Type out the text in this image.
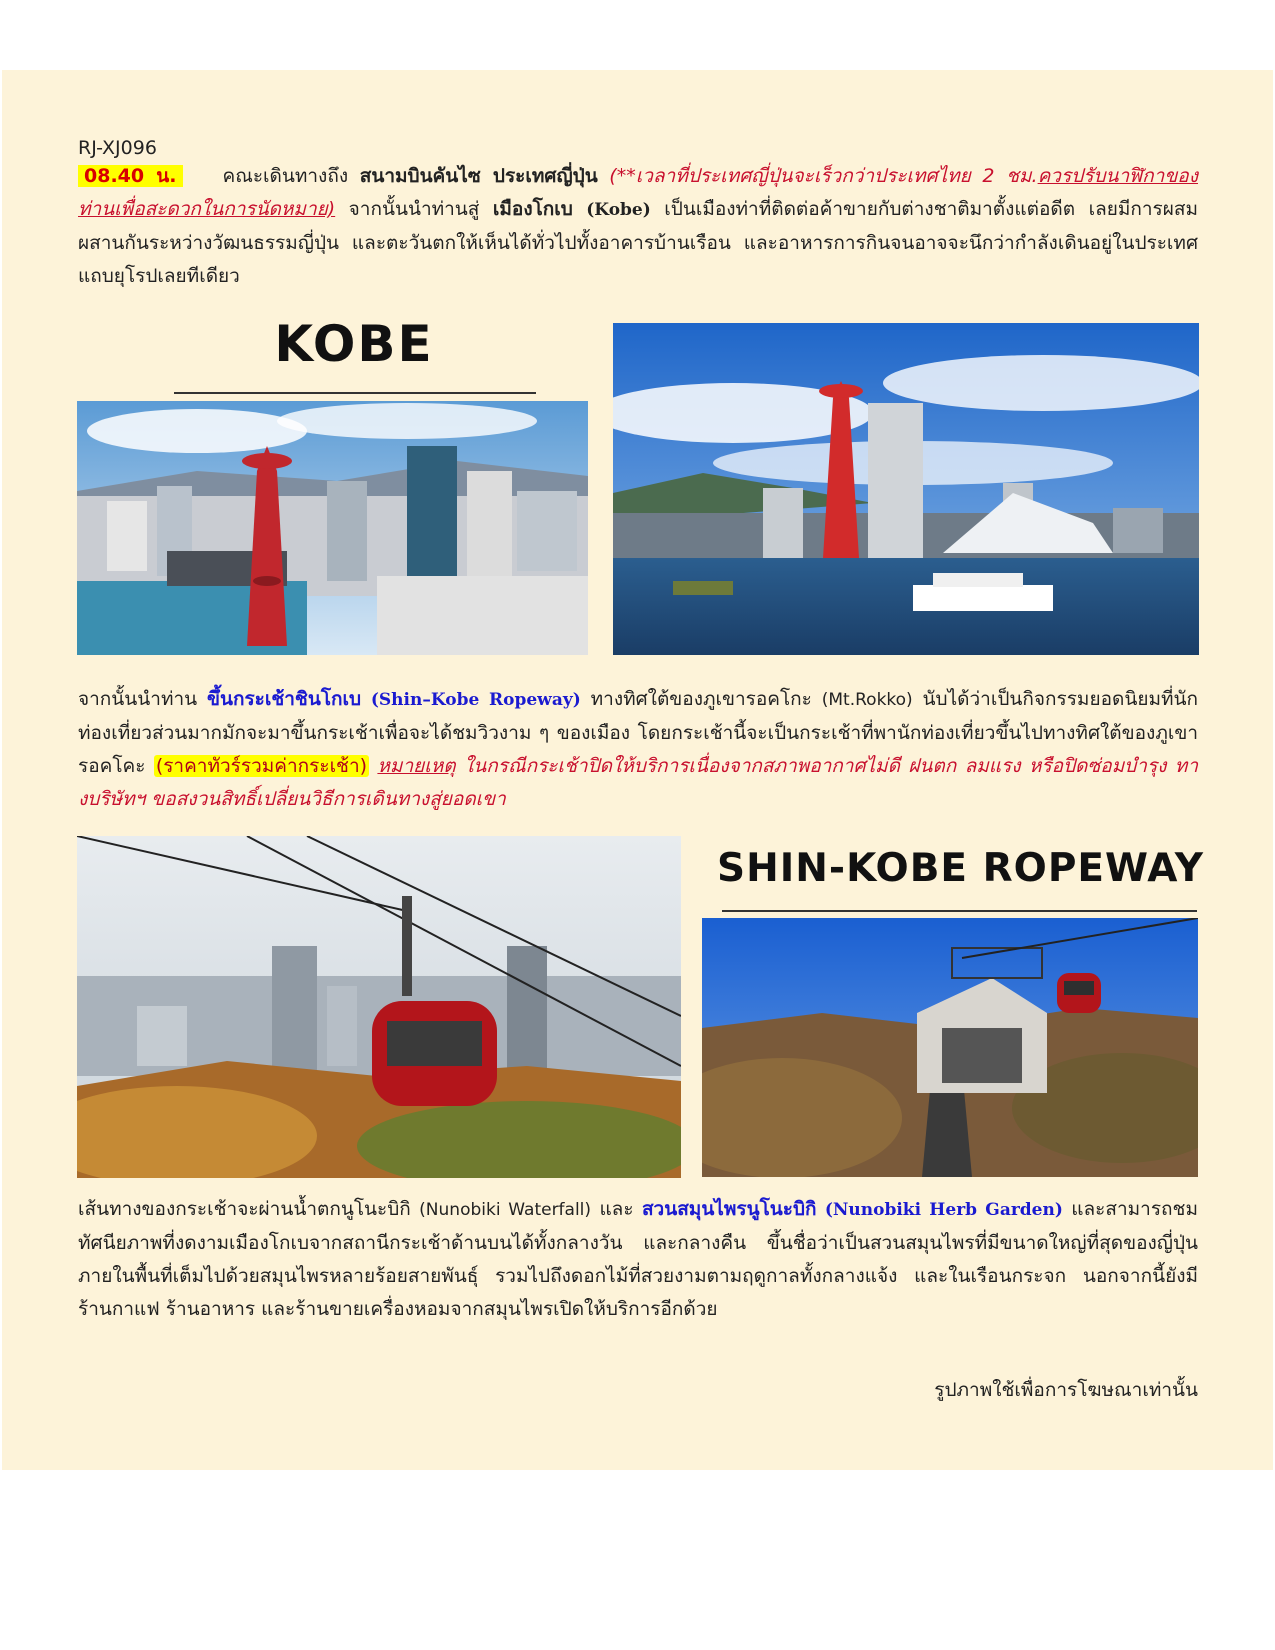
RJ-XJ096
08.40 น. คณะเดินทางถึง สนามบินคันไซ ประเทศญี่ปุ่น (**เวลาที่ประเทศญี่ปุ่นจะเร็วกว่าประเทศไทย 2 ชม.ควรปรับนาฬิกาของท่านเพื่อสะดวกในการนัดหมาย) จากนั้นนำท่านสู่ เมืองโกเบ (Kobe) เป็นเมืองท่าที่ติดต่อค้าขายกับต่างชาติมาตั้งแต่อดีต เลยมีการผสมผสานกันระหว่างวัฒนธรรมญี่ปุ่น และตะวันตกให้เห็นได้ทั่วไปทั้งอาคารบ้านเรือน และอาหารการกินจนอาจจะนึกว่ากำลังเดินอยู่ในประเทศแถบยุโรปเลยทีเดียว
KOBE
จากนั้นนำท่าน ขึ้นกระเช้าชินโกเบ (Shin–Kobe Ropeway) ทางทิศใต้ของภูเขารอคโกะ (Mt.Rokko) นับได้ว่าเป็นกิจกรรมยอดนิยมที่นักท่องเที่ยวส่วนมากมักจะมาขึ้นกระเช้าเพื่อจะได้ชมวิวงาม ๆ ของเมือง โดยกระเช้านี้จะเป็นกระเช้าที่พานักท่องเที่ยวขึ้นไปทางทิศใต้ของภูเขารอคโคะ (ราคาทัวร์รวมค่ากระเช้า) หมายเหตุ ในกรณีกระเช้าปิดให้บริการเนื่องจากสภาพอากาศไม่ดี ฝนตก ลมแรง หรือปิดซ่อมบำรุง ทางบริษัทฯ ขอสงวนสิทธิ์เปลี่ยนวิธีการเดินทางสู่ยอดเขา
SHIN-KOBE ROPEWAY
เส้นทางของกระเช้าจะผ่านน้ำตกนูโนะบิกิ (Nunobiki Waterfall) และ สวนสมุนไพรนูโนะบิกิ (Nunobiki Herb Garden) และสามารถชมทัศนียภาพที่งดงามเมืองโกเบจากสถานีกระเช้าด้านบนได้ทั้งกลางวัน และกลางคืน ขึ้นชื่อว่าเป็นสวนสมุนไพรที่มีขนาดใหญ่ที่สุดของญี่ปุ่น ภายในพื้นที่เต็มไปด้วยสมุนไพรหลายร้อยสายพันธุ์ รวมไปถึงดอกไม้ที่สวยงามตามฤดูกาลทั้งกลางแจ้ง และในเรือนกระจก นอกจากนี้ยังมีร้านกาแฟ ร้านอาหาร และร้านขายเครื่องหอมจากสมุนไพรเปิดให้บริการอีกด้วย
รูปภาพใช้เพื่อการโฆษณาเท่านั้น
